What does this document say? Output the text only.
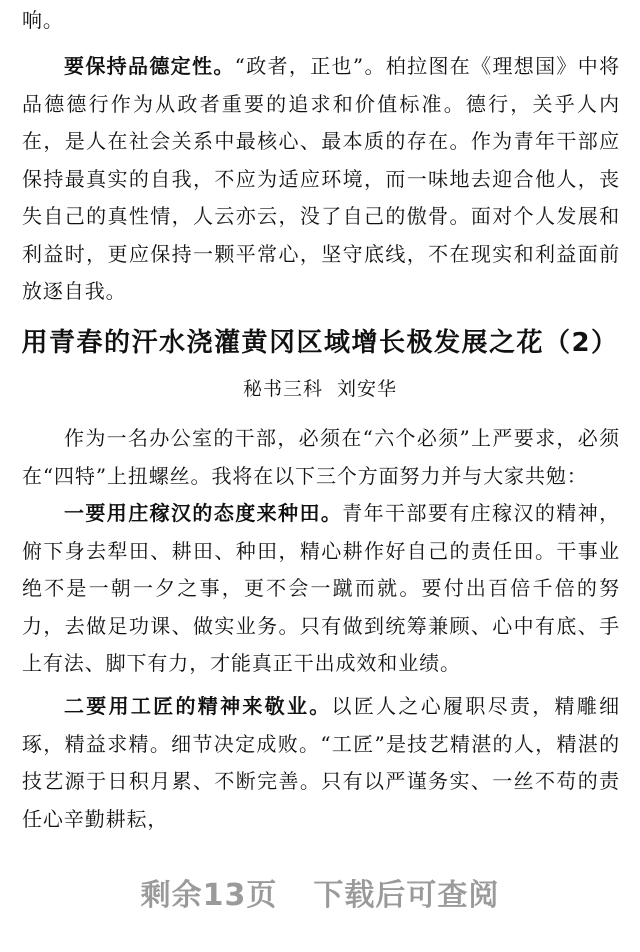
响。

要保持品德定性。“政者，正也”。柏拉图在《理想国》中将品德德行作为从政者重要的追求和价值标准。德行，关乎人内在，是人在社会关系中最核心、最本质的存在。作为青年干部应保持最真实的自我，不应为适应环境，而一味地去迎合他人，丧失自己的真性情，人云亦云，没了自己的傲骨。面对个人发展和利益时，更应保持一颗平常心，坚守底线，不在现实和利益面前放逐自我。

用青春的汗水浇灌黄冈区域增长极发展之花（2）

秘书三科 刘安华

作为一名办公室的干部，必须在“六个必须”上严要求，必须在“四特”上扭螺丝。我将在以下三个方面努力并与大家共勉：

一要用庄稼汉的态度来种田。青年干部要有庄稼汉的精神，俯下身去犁田、耕田、种田，精心耕作好自己的责任田。干事业绝不是一朝一夕之事，更不会一蹴而就。要付出百倍千倍的努力，去做足功课、做实业务。只有做到统筹兼顾、心中有底、手上有法、脚下有力，才能真正干出成效和业绩。

二要用工匠的精神来敬业。以匠人之心履职尽责，精雕细琢，精益求精。细节决定成败。“工匠”是技艺精湛的人，精湛的技艺源于日积月累、不断完善。只有以严谨务实、一丝不苟的责任心辛勤耕耘，

剩余13页 下载后可查阅
